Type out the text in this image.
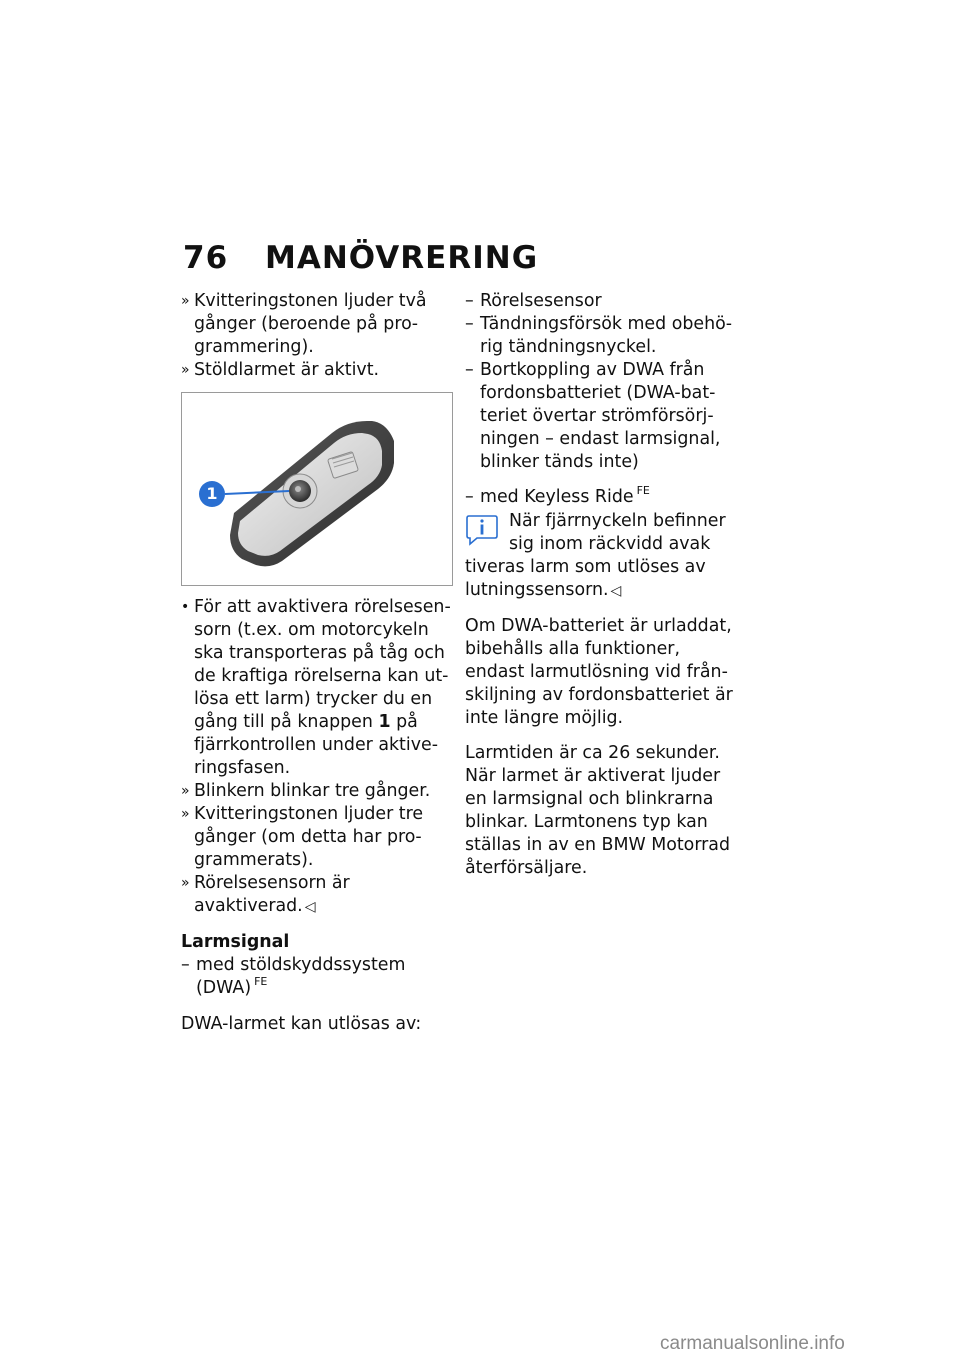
76 MANÖVRERING

» Kvitteringstonen ljuder två gånger (beroende på programmering).

» Stöldlarmet är aktivt.

1

• För att avaktivera rörelsesensorn (t.ex. om motorcykeln ska transporteras på tåg och de kraftiga rörelserna kan utlösa ett larm) trycker du en gång till på knappen 1 på fjärrkontrollen under aktiveringsfasen.

» Blinkern blinkar tre gånger.

» Kvitteringstonen ljuder tre gånger (om detta har programmerats).

» Rörelsesensorn är avaktiverad. ◁

Larmsignal

– med stöldskyddssystem (DWA) $^{FE}$

DWA-larmet kan utlösas av:

– Rörelsesensor

– Tändningsförsök med obehörig tändningsnyckel.

– Bortkoppling av DWA från fordonsbatteriet (DWA-batteriet övertar strömförsörjningen – endast larmsignal, blinker tänds inte)

– med Keyless Ride $^{FE}$

När fjärrnyckeln befinner sig inom räckvidd avak
tiveras larm som utlöses av lutningssensorn. ◁

Om DWA-batteriet är urladdat, bibehålls alla funktioner, endast larmutlösning vid frånskiljning av fordonsbatteriet är inte längre möjlig.

Larmtiden är ca 26 sekunder. När larmet är aktiverat ljuder en larmsignal och blinkrarna blinkar. Larmtonens typ kan ställas in av en BMW Motorrad återförsäljare.

carmanualsonline.info
